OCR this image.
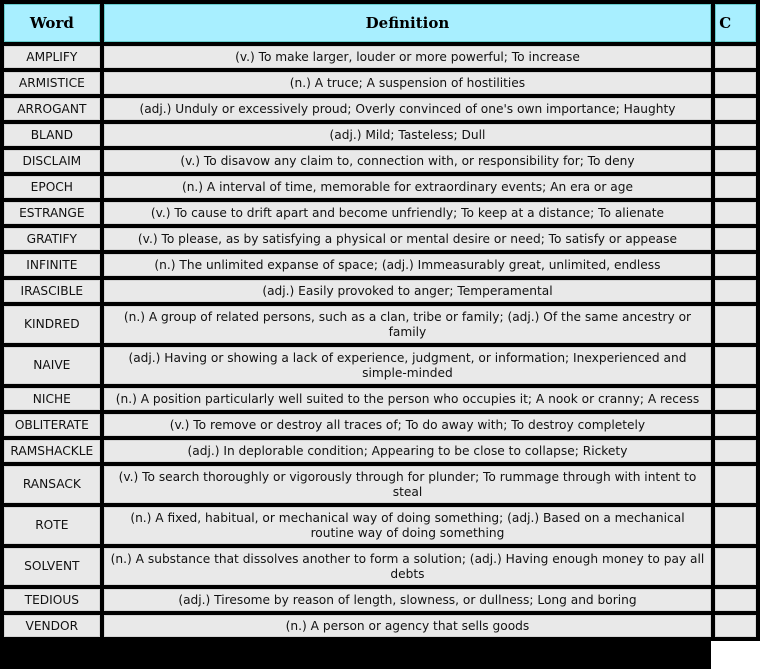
Word	Definition	C
AMPLIFY	(v.) To make larger, louder or more powerful; To increase	
ARMISTICE	(n.) A truce; A suspension of hostilities	
ARROGANT	(adj.) Unduly or excessively proud; Overly convinced of one's own importance; Haughty	
BLAND	(adj.) Mild; Tasteless; Dull	
DISCLAIM	(v.) To disavow any claim to, connection with, or responsibility for; To deny	
EPOCH	(n.) A interval of time, memorable for extraordinary events; An era or age	
ESTRANGE	(v.) To cause to drift apart and become unfriendly; To keep at a distance; To alienate	
GRATIFY	(v.) To please, as by satisfying a physical or mental desire or need; To satisfy or appease	
INFINITE	(n.) The unlimited expanse of space; (adj.) Immeasurably great, unlimited, endless	
IRASCIBLE	(adj.) Easily provoked to anger; Temperamental	
KINDRED	(n.) A group of related persons, such as a clan, tribe or family; (adj.) Of the same ancestry or family	
NAIVE	(adj.) Having or showing a lack of experience, judgment, or information; Inexperienced and simple-minded	
NICHE	(n.) A position particularly well suited to the person who occupies it; A nook or cranny; A recess	
OBLITERATE	(v.) To remove or destroy all traces of; To do away with; To destroy completely	
RAMSHACKLE	(adj.) In deplorable condition; Appearing to be close to collapse; Rickety	
RANSACK	(v.) To search thoroughly or vigorously through for plunder; To rummage through with intent to steal	
ROTE	(n.) A fixed, habitual, or mechanical way of doing something; (adj.) Based on a mechanical routine way of doing something	
SOLVENT	(n.) A substance that dissolves another to form a solution; (adj.) Having enough money to pay all debts	
TEDIOUS	(adj.) Tiresome by reason of length, slowness, or dullness; Long and boring	
VENDOR	(n.) A person or agency that sells goods	
